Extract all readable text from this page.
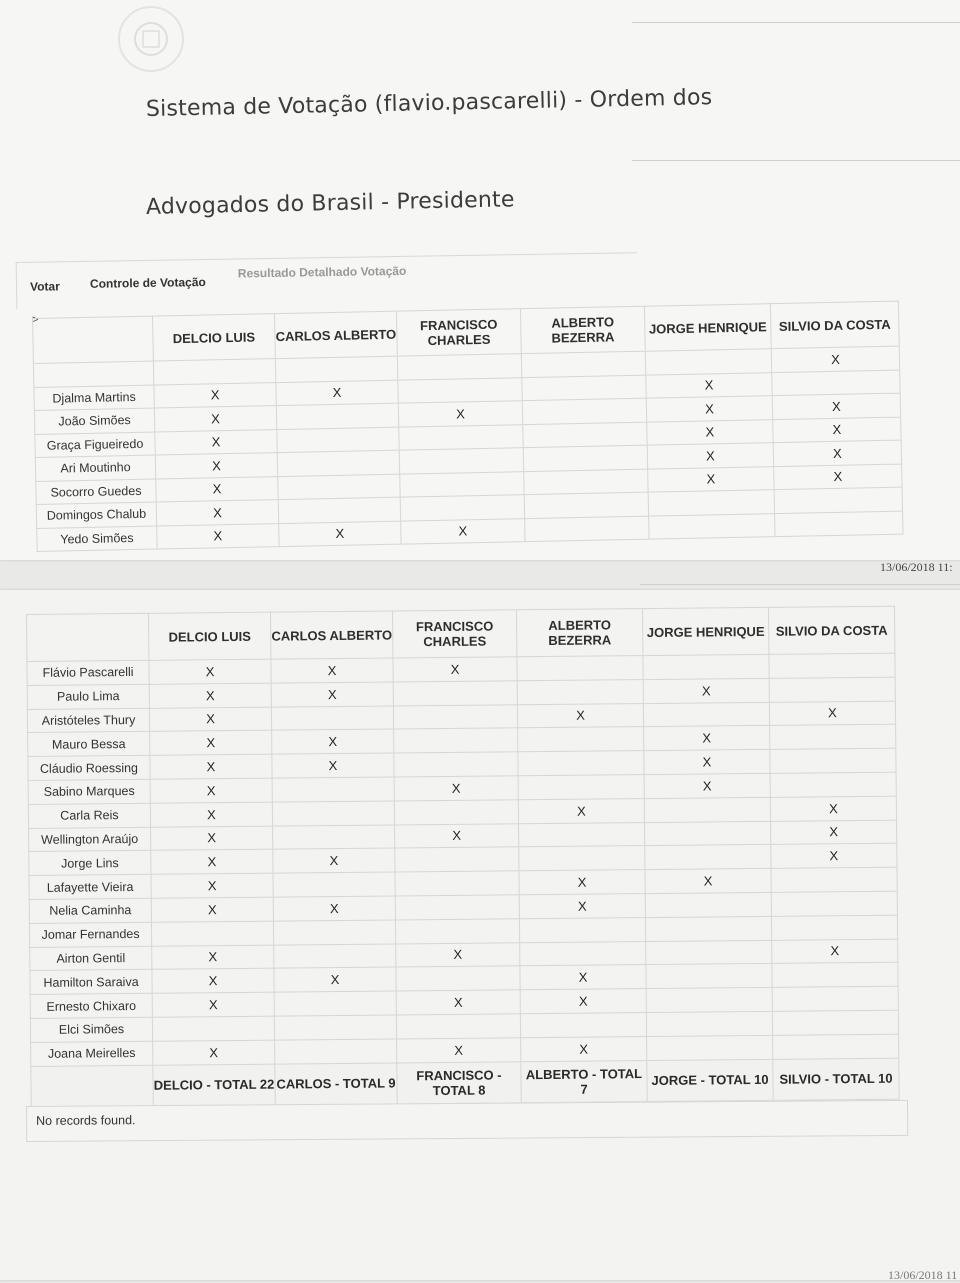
Sistema de Votação (flavio.pascarelli) - Ordem dos
Advogados do Brasil - Presidente
Votar Controle de Votação
Resultado Detalhado Votação
>
	DELCIO LUIS	CARLOS ALBERTO	FRANCISCO CHARLES	ALBERTO BEZERRA	JORGE HENRIQUE	SILVIO DA COSTA
						X
Djalma Martins	X	X			X	
João Simões	X		X		X	X
Graça Figueiredo	X				X	X
Ari Moutinho	X				X	X
Socorro Guedes	X				X	X
Domingos Chalub	X					
Yedo Simões	X	X	X			
13/06/2018 11:
	DELCIO LUIS	CARLOS ALBERTO	FRANCISCO CHARLES	ALBERTO BEZERRA	JORGE HENRIQUE	SILVIO DA COSTA
Flávio Pascarelli	X	X	X			
Paulo Lima	X	X			X	
Aristóteles Thury	X			X		X
Mauro Bessa	X	X			X	
Cláudio Roessing	X	X			X	
Sabino Marques	X		X		X	
Carla Reis	X			X		X
Wellington Araújo	X		X			X
Jorge Lins	X	X				X
Lafayette Vieira	X			X	X	
Nelia Caminha	X	X		X		
Jomar Fernandes						
Airton Gentil	X		X			X
Hamilton Saraiva	X	X		X		
Ernesto Chixaro	X		X	X		
Elci Simões						
Joana Meirelles	X		X	X		
	DELCIO - TOTAL 22	CARLOS - TOTAL 9	FRANCISCO - TOTAL 8	ALBERTO - TOTAL 7	JORGE - TOTAL 10	SILVIO - TOTAL 10
No records found.
13/06/2018 11
